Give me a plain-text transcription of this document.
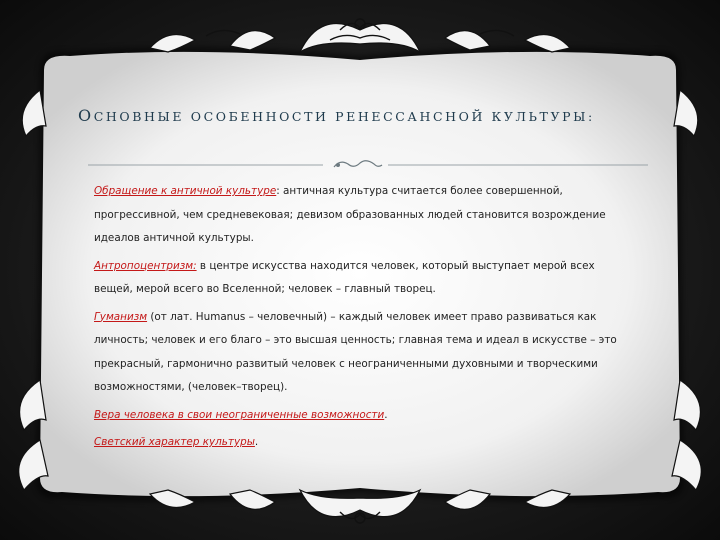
ОСНОВНЫЕ ОСОБЕННОСТИ РЕНЕССАНСНОЙ КУЛЬТУРЫ:

Обращение к античной культуре: античная культура считается более совершенной, прогрессивной, чем средневековая; девизом образованных людей становится возрождение идеалов античной культуры.

Антропоцентризм: в центре искусства находится человек, который выступает мерой всех вещей, мерой всего во Вселенной; человек – главный творец.

Гуманизм (от лат. Humanus – человечный) – каждый человек имеет право развиваться как личность; человек и его благо – это высшая ценность; главная тема и идеал в искусстве – это прекрасный, гармонично развитый человек с неограниченными духовными и творческими возможностями, (человек–творец).

Вера человека в свои неограниченные возможности.

Светский характер культуры.
